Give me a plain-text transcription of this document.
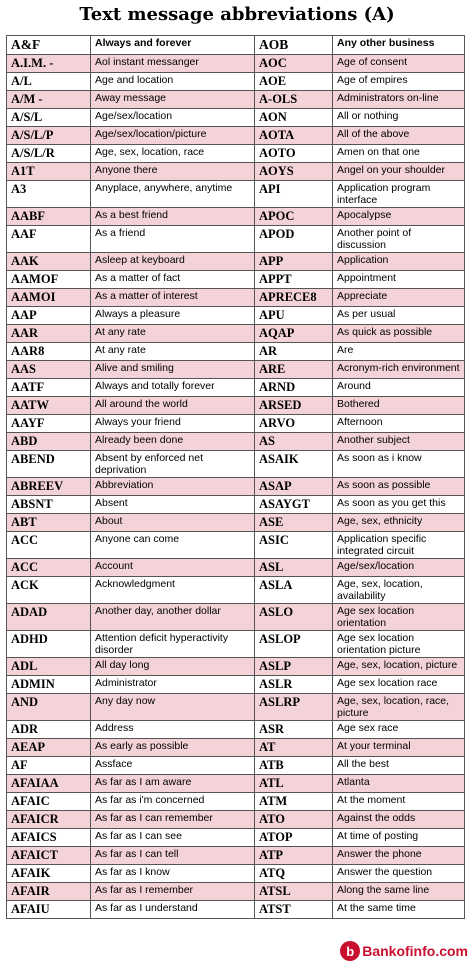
Text message abbreviations (A)
A&F	Always and forever	AOB	Any other business
A.I.M. -	Aol instant messanger	AOC	Age of consent
A/L	Age and location	AOE	Age of empires
A/M -	Away message	A-OLS	Administrators on-line
A/S/L	Age/sex/location	AON	All or nothing
A/S/L/P	Age/sex/location/picture	AOTA	All of the above
A/S/L/R	Age, sex, location, race	AOTO	Amen on that one
A1T	Anyone there	AOYS	Angel on your shoulder
A3	Anyplace, anywhere, anytime	API	Application program interface
AABF	As a best friend	APOC	Apocalypse
AAF	As a friend	APOD	Another point of discussion
AAK	Asleep at keyboard	APP	Application
AAMOF	As a matter of fact	APPT	Appointment
AAMOI	As a matter of interest	APRECE8	Appreciate
AAP	Always a pleasure	APU	As per usual
AAR	At any rate	AQAP	As quick as possible
AAR8	At any rate	AR	Are
AAS	Alive and smiling	ARE	Acronym-rich environment
AATF	Always and totally forever	ARND	Around
AATW	All around the world	ARSED	Bothered
AAYF	Always your friend	ARVO	Afternoon
ABD	Already been done	AS	Another subject
ABEND	Absent by enforced net deprivation	ASAIK	As soon as i know
ABREEV	Abbreviation	ASAP	As soon as possible
ABSNT	Absent	ASAYGT	As soon as you get this
ABT	About	ASE	Age, sex, ethnicity
ACC	Anyone can come	ASIC	Application specific integrated circuit
ACC	Account	ASL	Age/sex/location
ACK	Acknowledgment	ASLA	Age, sex, location, availability
ADAD	Another day, another dollar	ASLO	Age sex location orientation
ADHD	Attention deficit hyperactivity disorder	ASLOP	Age sex location orientation picture
ADL	All day long	ASLP	Age, sex, location, picture
ADMIN	Administrator	ASLR	Age sex location race
AND	Any day now	ASLRP	Age, sex, location, race, picture
ADR	Address	ASR	Age sex race
AEAP	As early as possible	AT	At your terminal
AF	Assface	ATB	All the best
AFAIAA	As far as I am aware	ATL	Atlanta
AFAIC	As far as i'm concerned	ATM	At the moment
AFAICR	As far as I can remember	ATO	Against the odds
AFAICS	As far as I can see	ATOP	At time of posting
AFAICT	As far as I can tell	ATP	Answer the phone
AFAIK	As far as I know	ATQ	Answer the question
AFAIR	As far as I remember	ATSL	Along the same line
AFAIU	As far as I understand	ATST	At the same time
b Bankofinfo.com
